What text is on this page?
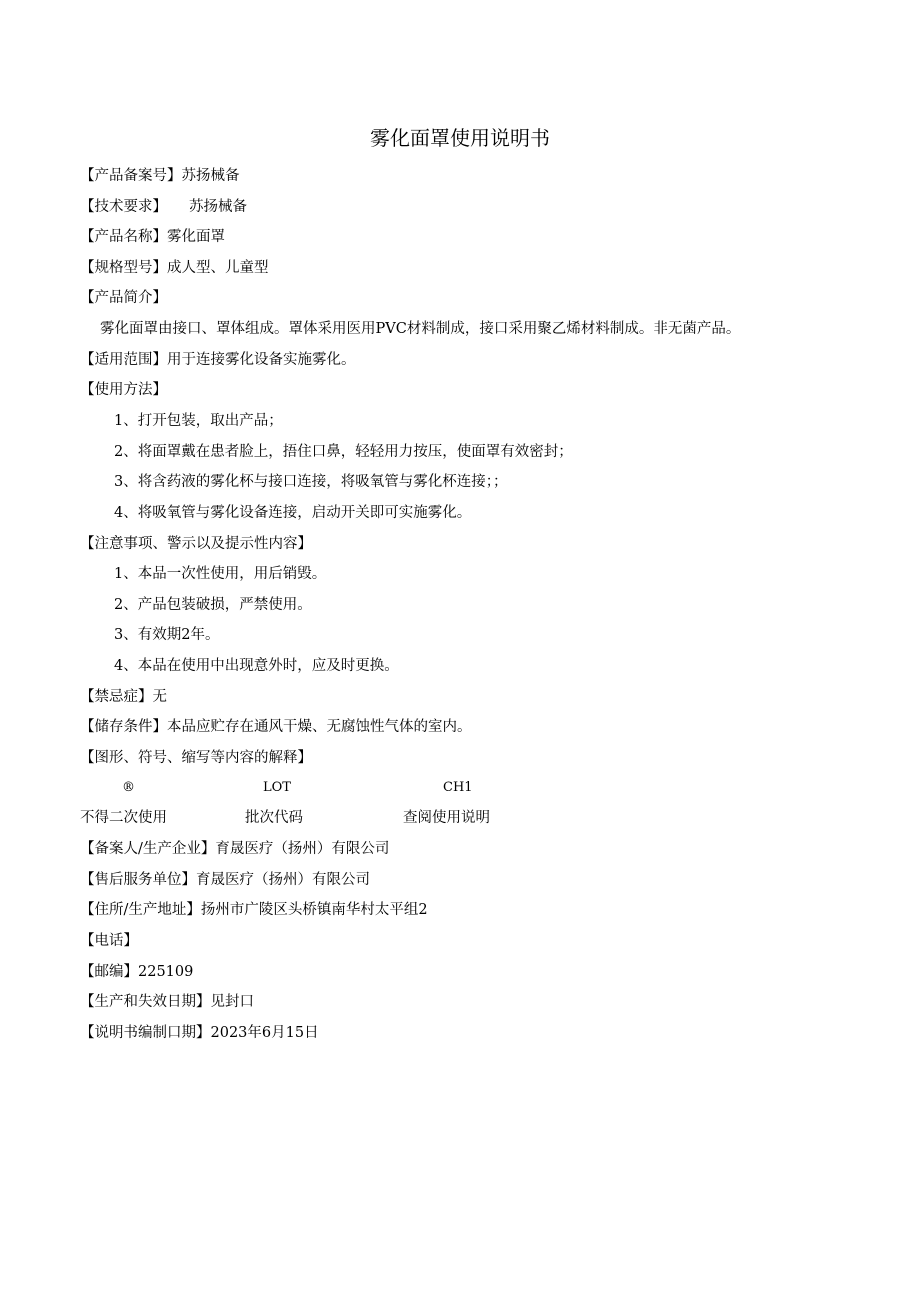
雾化面罩使用说明书
【产品备案号】苏扬械备
【技术要求】 苏扬械备
【产品名称】雾化面罩
【规格型号】成人型、儿童型
【产品简介】
雾化面罩由接口、罩体组成。罩体采用医用PVC材料制成，接口采用聚乙烯材料制成。非无菌产品。
【适用范围】用于连接雾化设备实施雾化。
【使用方法】
1、打开包装，取出产品；
2、将面罩戴在患者脸上，捂住口鼻，轻轻用力按压，使面罩有效密封；
3、将含药液的雾化杯与接口连接，将吸氧管与雾化杯连接；；
4、将吸氧管与雾化设备连接，启动开关即可实施雾化。
【注意事项、警示以及提示性内容】
1、本品一次性使用，用后销毁。
2、产品包装破损，严禁使用。
3、有效期2年。
4、本品在使用中出现意外时，应及时更换。
【禁忌症】无
【储存条件】本品应贮存在通风干燥、无腐蚀性气体的室内。
【图形、符号、缩写等内容的解释】
®	LOT	CH1
不得二次使用	批次代码	查阅使用说明
【备案人/生产企业】育晟医疗（扬州）有限公司
【售后服务单位】育晟医疗（扬州）有限公司
【住所/生产地址】扬州市广陵区头桥镇南华村太平组2
【电话】
【邮编】225109
【生产和失效日期】见封口
【说明书编制口期】2023年6月15日
